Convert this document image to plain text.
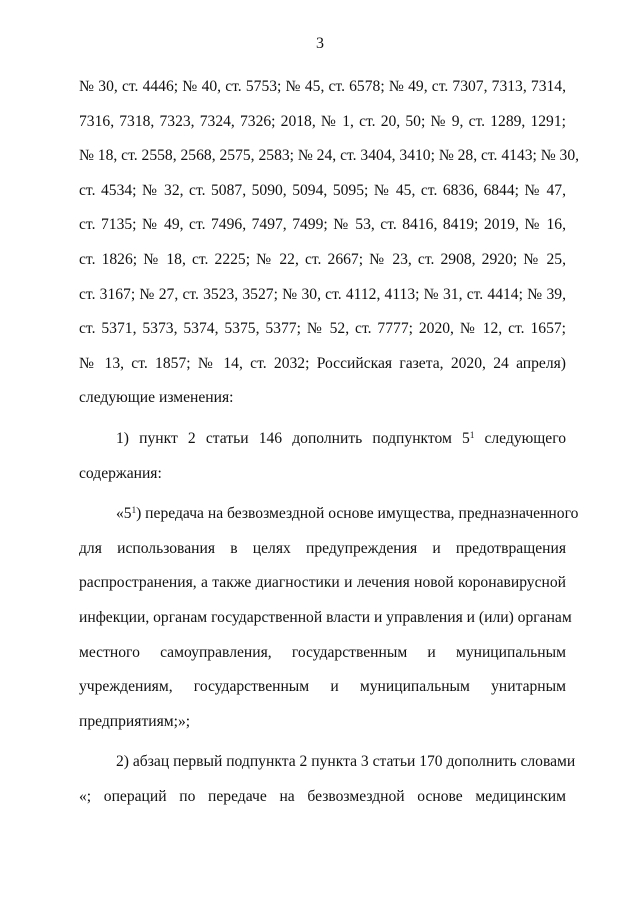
3
№ 30, ст. 4446; № 40, ст. 5753; № 45, ст. 6578; № 49, ст. 7307, 7313, 7314,
7316, 7318, 7323, 7324, 7326; 2018, № 1, ст. 20, 50; № 9, ст. 1289, 1291;
№ 18, ст. 2558, 2568, 2575, 2583; № 24, ст. 3404, 3410; № 28, ст. 4143; № 30,
ст. 4534; № 32, ст. 5087, 5090, 5094, 5095; № 45, ст. 6836, 6844; № 47,
ст. 7135; № 49, ст. 7496, 7497, 7499; № 53, ст. 8416, 8419; 2019, № 16,
ст. 1826; № 18, ст. 2225; № 22, ст. 2667; № 23, ст. 2908, 2920; № 25,
ст. 3167; № 27, ст. 3523, 3527; № 30, ст. 4112, 4113; № 31, ст. 4414; № 39,
ст. 5371, 5373, 5374, 5375, 5377; № 52, ст. 7777; 2020, № 12, ст. 1657;
№ 13, ст. 1857; № 14, ст. 2032; Российская газета, 2020, 24 апреля)
следующие изменения:
1) пункт 2 статьи 146 дополнить подпунктом $5^1$ следующего
содержания:
«$5^1$) передача на безвозмездной основе имущества, предназначенного
для использования в целях предупреждения и предотвращения
распространения, а также диагностики и лечения новой коронавирусной
инфекции, органам государственной власти и управления и (или) органам
местного самоуправления, государственным и муниципальным
учреждениям, государственным и муниципальным унитарным
предприятиям;»;
2) абзац первый подпункта 2 пункта 3 статьи 170 дополнить словами
«; операций по передаче на безвозмездной основе медицинским
